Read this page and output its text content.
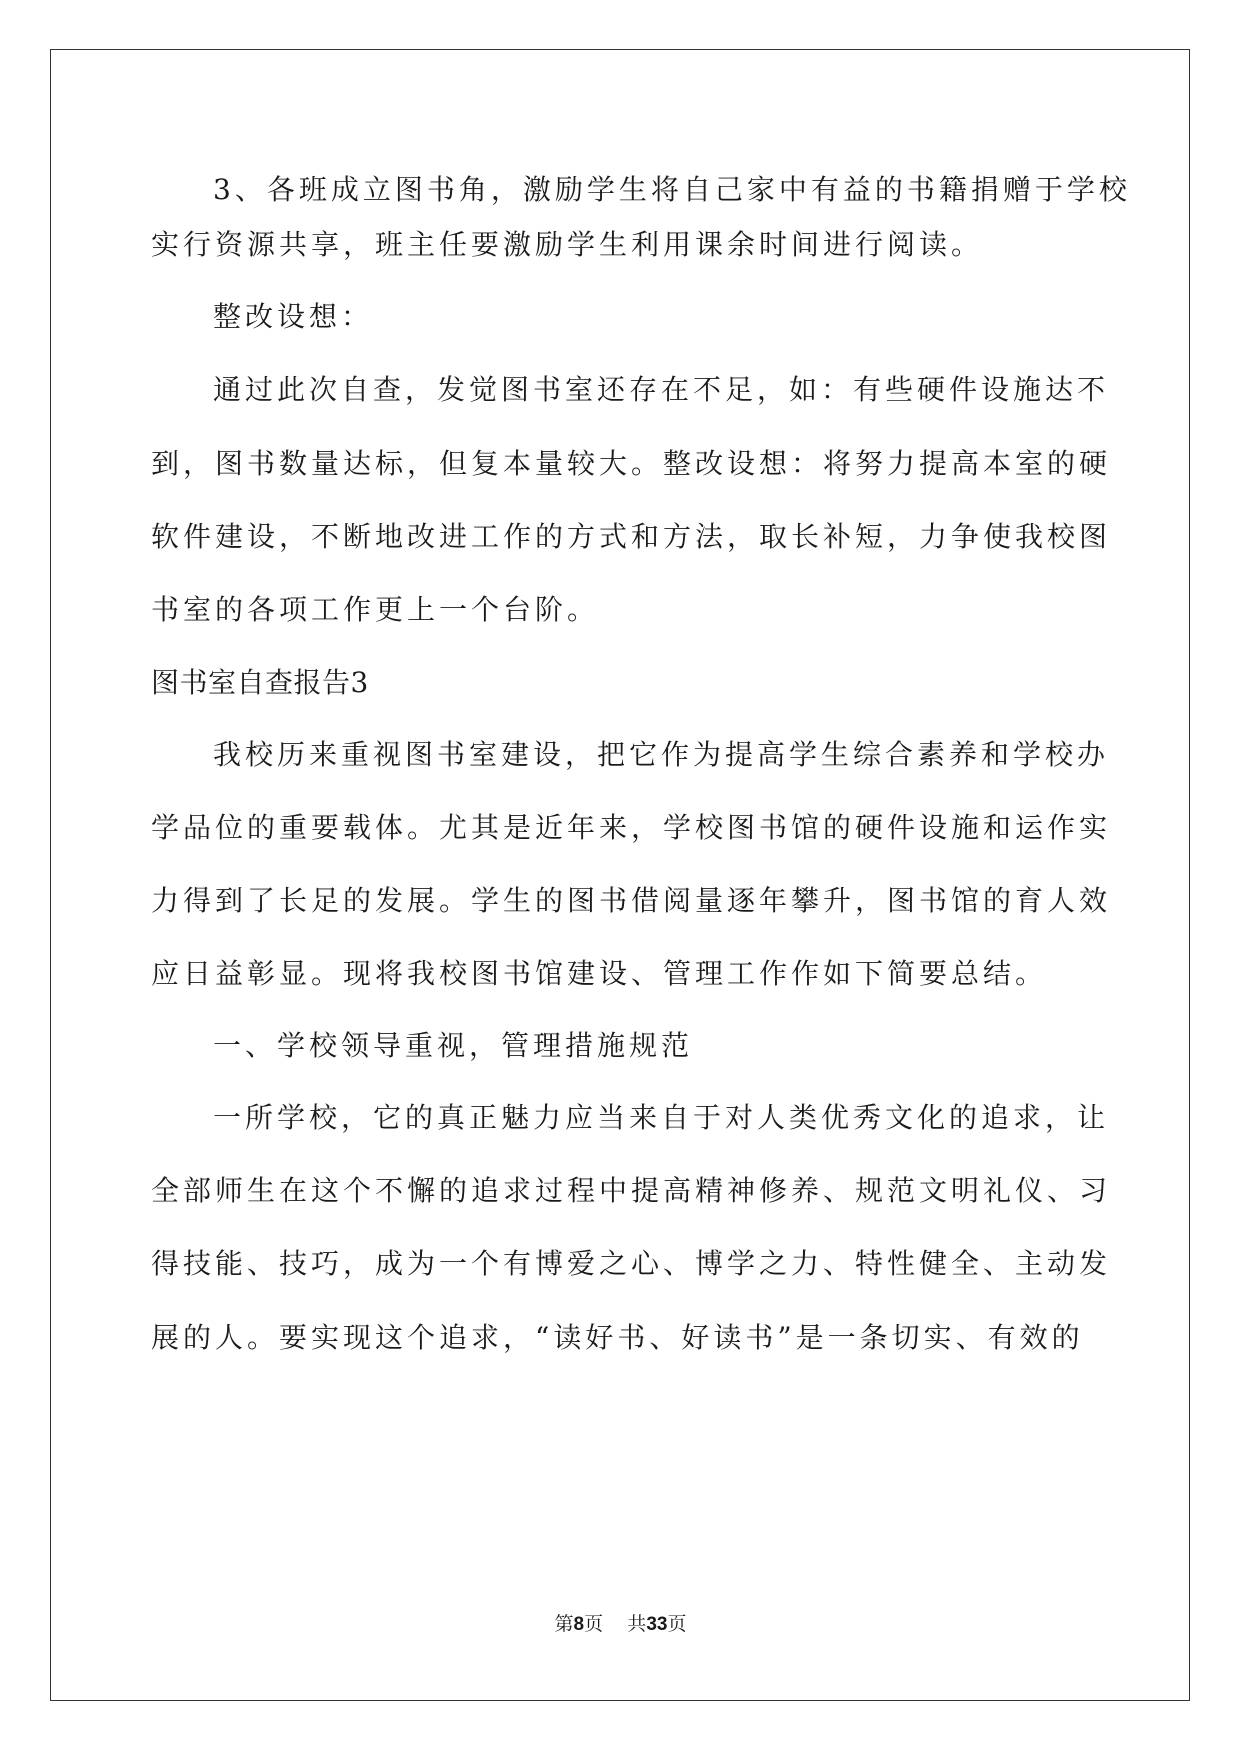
3、各班成立图书角，激励学生将自己家中有益的书籍捐赠于学校
实行资源共享，班主任要激励学生利用课余时间进行阅读。
整改设想：
通过此次自查，发觉图书室还存在不足，如：有些硬件设施达不
到，图书数量达标，但复本量较大。整改设想：将努力提高本室的硬
软件建设，不断地改进工作的方式和方法，取长补短，力争使我校图
书室的各项工作更上一个台阶。
图书室自查报告3
我校历来重视图书室建设，把它作为提高学生综合素养和学校办
学品位的重要载体。尤其是近年来，学校图书馆的硬件设施和运作实
力得到了长足的发展。学生的图书借阅量逐年攀升，图书馆的育人效
应日益彰显。现将我校图书馆建设、管理工作作如下简要总结。
一、学校领导重视，管理措施规范
一所学校，它的真正魅力应当来自于对人类优秀文化的追求，让
全部师生在这个不懈的追求过程中提高精神修养、规范文明礼仪、习
得技能、技巧，成为一个有博爱之心、博学之力、特性健全、主动发
展的人。要实现这个追求，“读好书、好读书”是一条切实、有效的
第8页 共33页
